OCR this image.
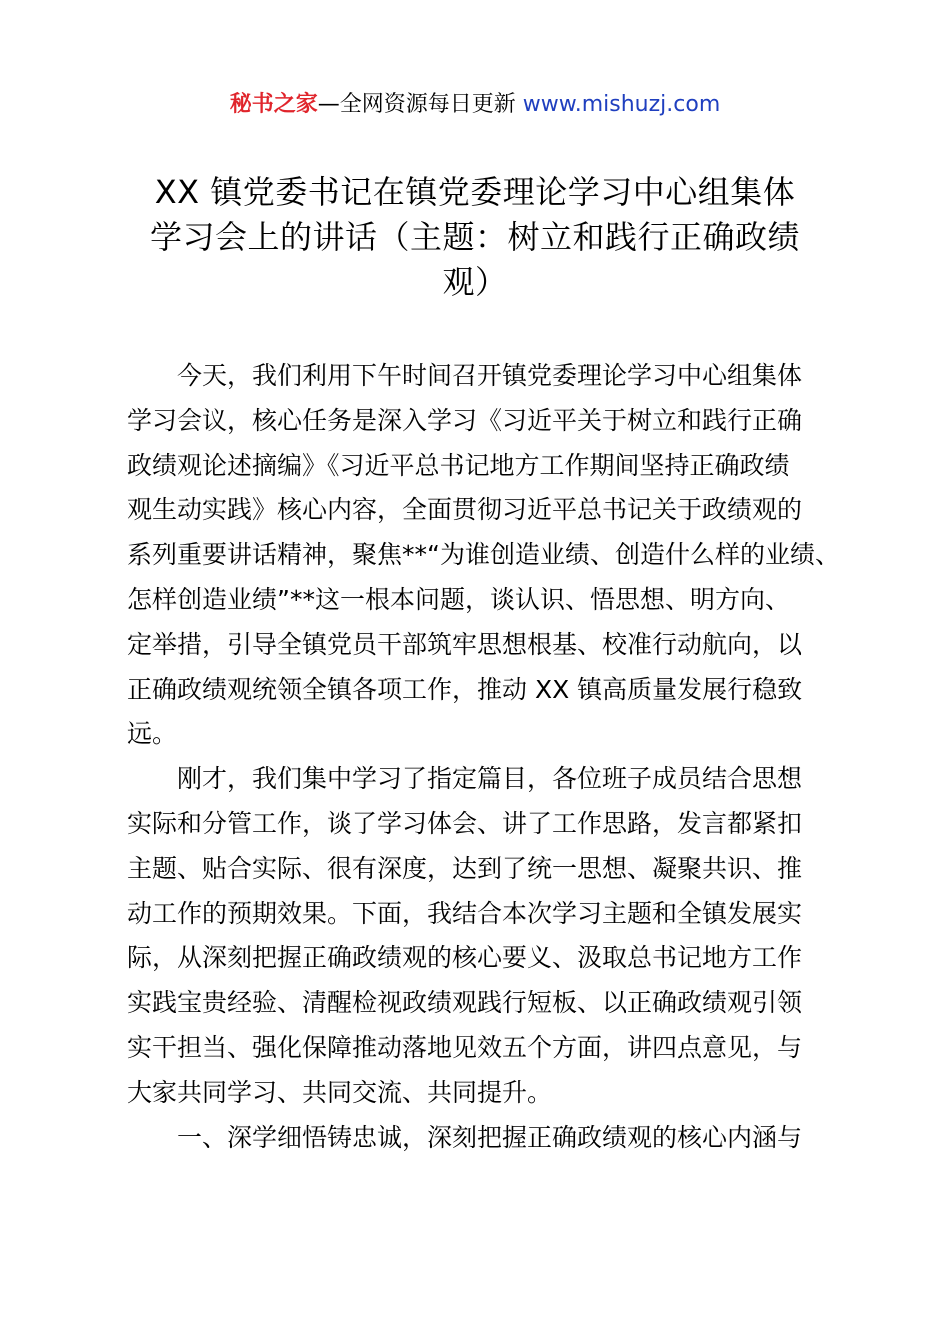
秘书之家—全网资源每日更新 www.mishuzj.com
XX 镇党委书记在镇党委理论学习中心组集体
学习会上的讲话（主题：树立和践行正确政绩
观）
今天，我们利用下午时间召开镇党委理论学习中心组集体
学习会议，核心任务是深入学习《习近平关于树立和践行正确
政绩观论述摘编》《习近平总书记地方工作期间坚持正确政绩
观生动实践》核心内容，全面贯彻习近平总书记关于政绩观的
系列重要讲话精神，聚焦**“为谁创造业绩、创造什么样的业绩、
怎样创造业绩”**这一根本问题，谈认识、悟思想、明方向、
定举措，引导全镇党员干部筑牢思想根基、校准行动航向，以
正确政绩观统领全镇各项工作，推动 XX 镇高质量发展行稳致
远。
刚才，我们集中学习了指定篇目，各位班子成员结合思想
实际和分管工作，谈了学习体会、讲了工作思路，发言都紧扣
主题、贴合实际、很有深度，达到了统一思想、凝聚共识、推
动工作的预期效果。下面，我结合本次学习主题和全镇发展实
际，从深刻把握正确政绩观的核心要义、汲取总书记地方工作
实践宝贵经验、清醒检视政绩观践行短板、以正确政绩观引领
实干担当、强化保障推动落地见效五个方面，讲四点意见，与
大家共同学习、共同交流、共同提升。
一、深学细悟铸忠诚，深刻把握正确政绩观的核心内涵与
